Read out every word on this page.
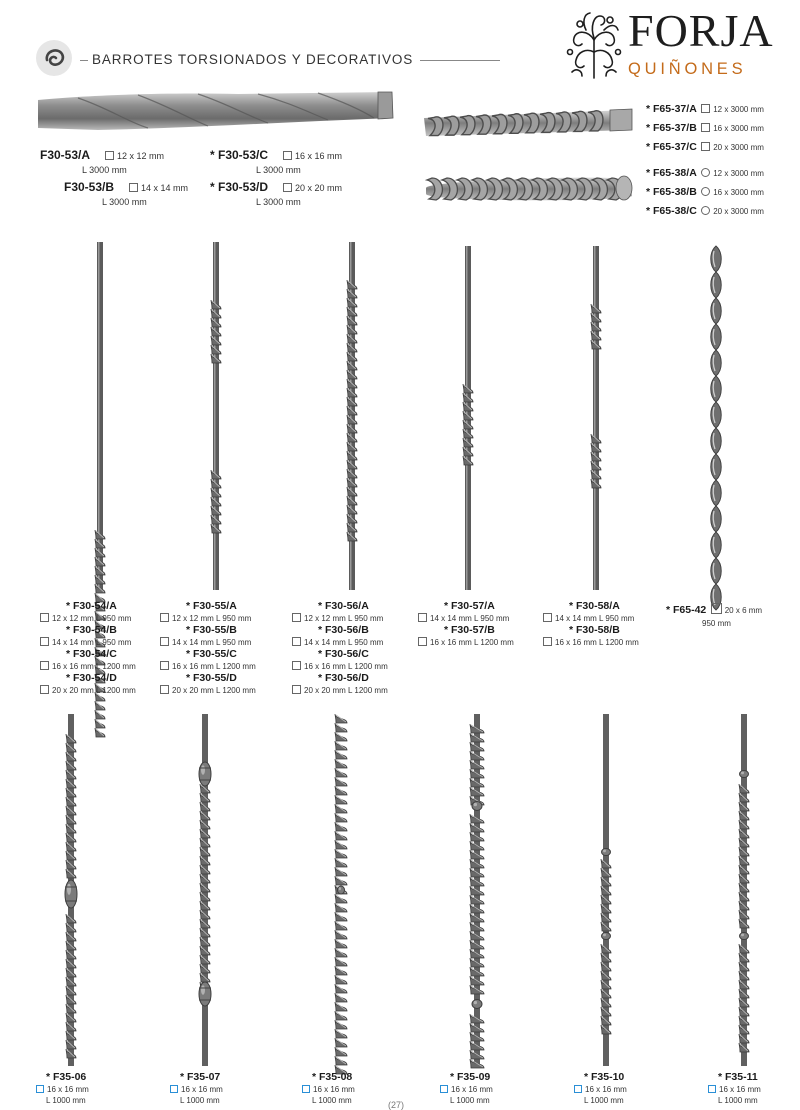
BARROTES TORSIONADOS Y DECORATIVOS
FORJA
QUIÑONES
F30-53/A	12 x 12 mm
L 3000 mm
* F30-53/C	16 x 16 mm
L 3000 mm
F30-53/B	14 x 14 mm
L 3000 mm
* F30-53/D	20 x 20 mm
L 3000 mm
* F65-37/A 12 x 3000 mm
* F65-37/B 16 x 3000 mm
* F65-37/C 20 x 3000 mm
* F65-38/A 12 x 3000 mm
* F65-38/B 16 x 3000 mm
* F65-38/C 20 x 3000 mm
* F30-54/A
12 x 12 mm L 950 mm
* F30-54/B
14 x 14 mm L 950 mm
* F30-54/C
16 x 16 mm L 1200 mm
* F30-54/D
20 x 20 mm L 1200 mm
* F30-55/A
12 x 12 mm L 950 mm
* F30-55/B
14 x 14 mm L 950 mm
* F30-55/C
16 x 16 mm L 1200 mm
* F30-55/D
20 x 20 mm L 1200 mm
* F30-56/A
12 x 12 mm L 950 mm
* F30-56/B
14 x 14 mm L 950 mm
* F30-56/C
16 x 16 mm L 1200 mm
* F30-56/D
20 x 20 mm L 1200 mm
* F30-57/A
14 x 14 mm L 950 mm
* F30-57/B
16 x 16 mm L 1200 mm
* F30-58/A
14 x 14 mm L 950 mm
* F30-58/B
16 x 16 mm L 1200 mm
* F65-42 20 x 6 mm
950 mm
* F35-06
16 x 16 mm
L 1000 mm
* F35-07
16 x 16 mm
L 1000 mm
* F35-08
16 x 16 mm
L 1000 mm
* F35-09
16 x 16 mm
L 1000 mm
* F35-10
16 x 16 mm
L 1000 mm
* F35-11
16 x 16 mm
L 1000 mm
(27)
